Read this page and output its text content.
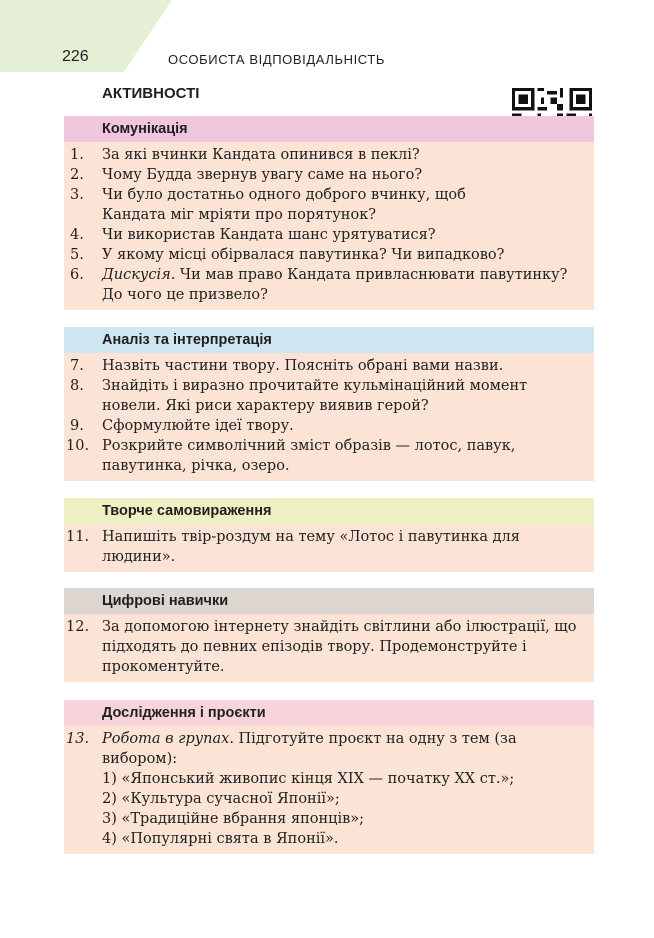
226	ОСОБИСТА ВІДПОВІДАЛЬНІСТЬ
АКТИВНОСТІ
Комунікація
1. За які вчинки Кандата опинився в пеклі?
2. Чому Будда звернув увагу саме на нього?
3. Чи було достатньо одного доброго вчинку, щоб Кандата міг мріяти про порятунок?
4. Чи використав Кандата шанс урятуватися?
5. У якому місці обірвалася павутинка? Чи випадково?
6. Дискусія. Чи мав право Кандата привласнювати павутинку? До чого це призвело?
Аналіз та інтерпретація
7. Назвіть частини твору. Поясніть обрані вами назви.
8. Знайдіть і виразно прочитайте кульмінаційний момент новели. Які риси характеру виявив герой?
9. Сформулюйте ідеї твору.
10. Розкрийте символічний зміст образів — лотос, павук, павутинка, річка, озеро.
Творче самовираження
11. Напишіть твір-роздум на тему «Лотос і павутинка для людини».
Цифрові навички
12. За допомогою інтернету знайдіть світлини або ілюстрації, що підходять до певних епізодів твору. Продемонструйте і прокоментуйте.
Дослідження і проєкти
13. Робота в групах. Підготуйте проєкт на одну з тем (за вибором):
1) «Японський живопис кінця XIX — початку XX ст.»;
2) «Культура сучасної Японії»;
3) «Традиційне вбрання японців»;
4) «Популярні свята в Японії».
